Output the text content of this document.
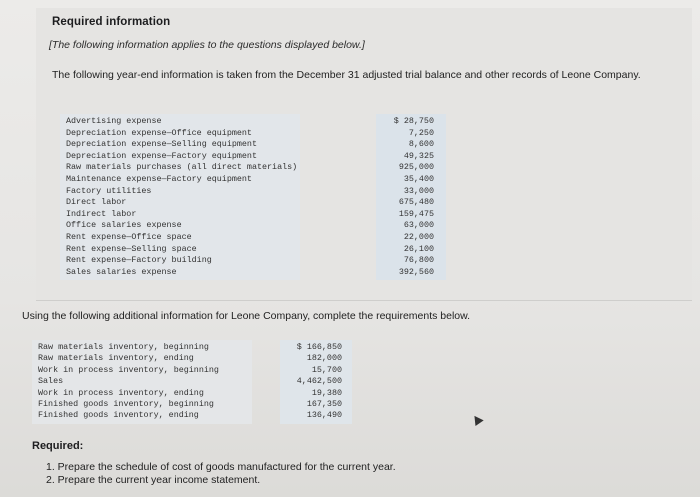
Required information
[The following information applies to the questions displayed below.]
The following year-end information is taken from the December 31 adjusted trial balance and other records of Leone Company.
Advertising expense	$ 28,750
Depreciation expense—Office equipment	7,250
Depreciation expense—Selling equipment	8,600
Depreciation expense—Factory equipment	49,325
Raw materials purchases (all direct materials)	925,000
Maintenance expense—Factory equipment	35,400
Factory utilities	33,000
Direct labor	675,480
Indirect labor	159,475
Office salaries expense	63,000
Rent expense—Office space	22,000
Rent expense—Selling space	26,100
Rent expense—Factory building	76,800
Sales salaries expense	392,560
Using the following additional information for Leone Company, complete the requirements below.
Raw materials inventory, beginning	$ 166,850
Raw materials inventory, ending	182,000
Work in process inventory, beginning	15,700
Sales	4,462,500
Work in process inventory, ending	19,380
Finished goods inventory, beginning	167,350
Finished goods inventory, ending	136,490
Required:
1. Prepare the schedule of cost of goods manufactured for the current year.
2. Prepare the current year income statement.
